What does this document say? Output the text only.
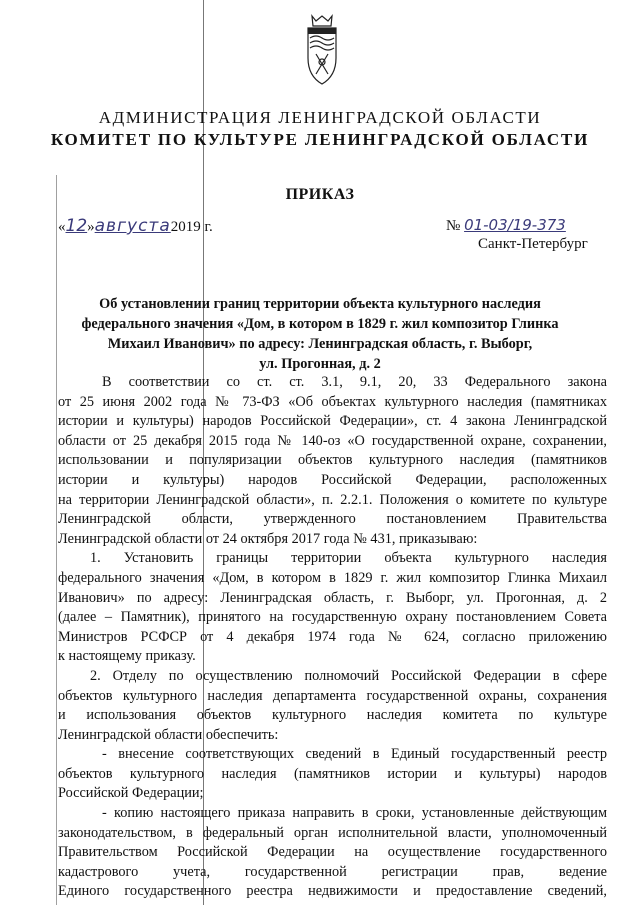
АДМИНИСТРАЦИЯ ЛЕНИНГРАДСКОЙ ОБЛАСТИ
КОМИТЕТ ПО КУЛЬТУРЕ ЛЕНИНГРАДСКОЙ ОБЛАСТИ
ПРИКАЗ
«12»августа2019 г.	№ 01-03/19-373
Санкт-Петербург
Об установлении границ территории объекта культурного наследия
федерального значения «Дом, в котором в 1829 г. жил композитор Глинка
Михаил Иванович» по адресу: Ленинградская область, г. Выборг,
ул. Прогонная, д. 2
В соответствии со ст. ст. 3.1, 9.1, 20, 33 Федерального закона
от 25 июня 2002 года № 73-ФЗ «Об объектах культурного наследия (памятниках
истории и культуры) народов Российской Федерации», ст. 4 закона Ленинградской
области от 25 декабря 2015 года № 140-оз «О государственной охране, сохранении,
использовании и популяризации объектов культурного наследия (памятников
истории и культуры) народов Российской Федерации, расположенных
на территории Ленинградской области», п. 2.2.1. Положения о комитете по культуре
Ленинградской области, утвержденного постановлением Правительства
Ленинградской области от 24 октября 2017 года № 431, приказываю:
1. Установить границы территории объекта культурного наследия
федерального значения «Дом, в котором в 1829 г. жил композитор Глинка Михаил
Иванович» по адресу: Ленинградская область, г. Выборг, ул. Прогонная, д. 2
(далее – Памятник), принятого на государственную охрану постановлением Совета
Министров РСФСР от 4 декабря 1974 года № 624, согласно приложению
к настоящему приказу.
2. Отделу по осуществлению полномочий Российской Федерации в сфере
объектов культурного наследия департамента государственной охраны, сохранения
и использования объектов культурного наследия комитета по культуре
Ленинградской области обеспечить:
- внесение соответствующих сведений в Единый государственный реестр
объектов культурного наследия (памятников истории и культуры) народов
Российской Федерации;
- копию настоящего приказа направить в сроки, установленные действующим
законодательством, в федеральный орган исполнительной власти, уполномоченный
Правительством Российской Федерации на осуществление государственного
кадастрового учета, государственной регистрации прав, ведение
Единого государственного реестра недвижимости и предоставление сведений,
